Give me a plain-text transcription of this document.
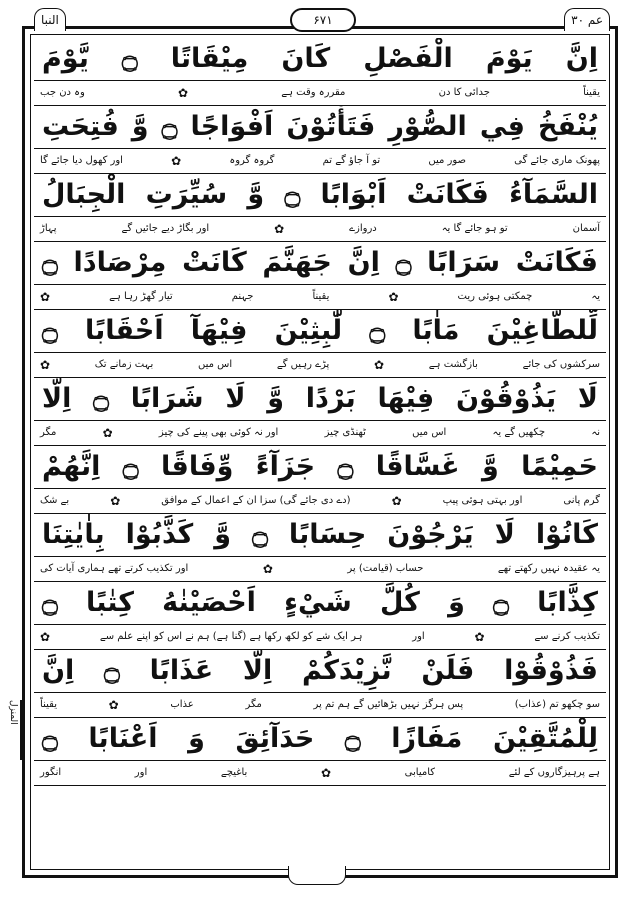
النبا	۶۷۱	عم ۳۰
المنزل
اِنَّ يَوْمَ الْفَصْلِ كَانَ مِيْقَاتًا ۝ يَّوْمَ
يقيناً
جدائی کا دن
مقررہ وقت ہے
✿
وہ دن جب
يُنْفَخُ فِي الصُّوْرِ فَتَأْتُوْنَ اَفْوَاجًا ۝ وَّ فُتِحَتِ
پھونک ماری جائے گی
صور میں
تو آ جاؤ گے تم
گروہ گروہ
✿
اور کھول دیا جائے گا
السَّمَآءُ فَكَانَتْ اَبْوَابًا ۝ وَّ سُيِّرَتِ الْجِبَالُ
آسمان
تو ہو جائے گا یہ
دروازے
✿
اور بگاڑ دیے جائیں گے
پہاڑ
فَكَانَتْ سَرَابًا ۝ اِنَّ جَهَنَّمَ كَانَتْ مِرْصَادًا ۝
یہ
چمکتی ہوئی ریت
✿
یقیناً
جہنم
تیار گھڑ رہا ہے
✿
لِّلطَّاغِيْنَ مَاٰبًا ۝ لّٰبِثِيْنَ فِيْهَآ اَحْقَابًا ۝
سرکشوں کی جائے
بازگشت ہے
✿
پڑے رہیں گے
اس میں
بہت زمانے تک
✿
لَا يَذُوْقُوْنَ فِيْهَا بَرْدًا وَّ لَا شَرَابًا ۝ اِلَّا
نہ
چکھیں گے یہ
اس میں
ٹھنڈی چیز
اور نہ کوئی بھی پینے کی چیز
✿
مگر
حَمِيْمًا وَّ غَسَّاقًا ۝ جَزَآءً وِّفَاقًا ۝ اِنَّهُمْ
گرم پانی
اور بہتی ہوئی پیپ
✿
(دے دی جائے گی) سزا ان کے اعمال کے موافق
✿
بے شک
كَانُوْا لَا يَرْجُوْنَ حِسَابًا ۝ وَّ كَذَّبُوْا بِاٰيٰتِنَا
یہ عقیدہ نہیں رکھتے تھے
حساب (قیامت) پر
✿
اور تکذیب کرتے تھے ہماری آیات کی
كِذَّابًا ۝ وَ كُلَّ شَيْءٍ اَحْصَيْنٰهُ كِتٰبًا ۝
تکذیب کرنے سے
✿
اور
ہر ایک شے کو لکھ رکھا ہے (گنا ہے) ہم نے اس کو اپنے علم سے
✿
فَذُوْقُوْا فَلَنْ نَّزِيْدَكُمْ اِلَّا عَذَابًا ۝ اِنَّ
سو چکھو تم (عذاب)
پس ہرگز نہیں بڑھائیں گے ہم تم پر
مگر
عذاب
✿
یقیناً
لِلْمُتَّقِيْنَ مَفَازًا ۝ حَدَآئِقَ وَ اَعْنَابًا ۝
ہے پرہیزگاروں کے لئے
کامیابی
✿
باغیچے
اور
انگور
